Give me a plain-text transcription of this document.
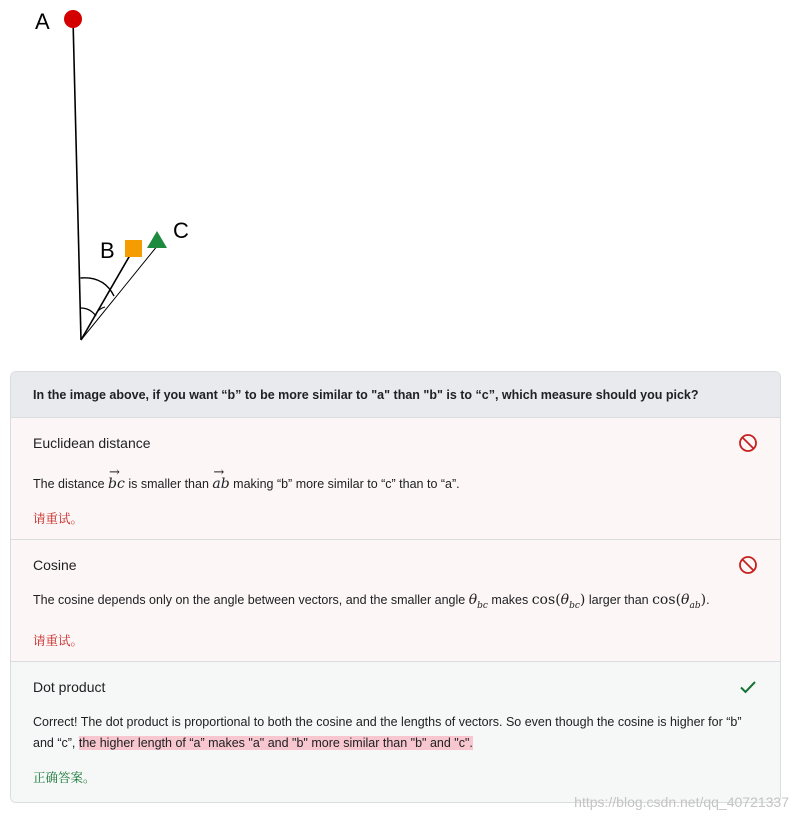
A
B
C
In the image above, if you want “b” to be more similar to "a" than "b" is to “c”, which measure should you pick?
Euclidean distance
The distance → bc is smaller than → ab making “b” more similar to “c” than to “a”.
请重试。
Cosine
The cosine depends only on the angle between vectors, and the smaller angle $\theta_{bc}$ makes $\cos(\theta_{bc})$ larger than $\cos(\theta_{ab})$.
请重试。
Dot product
Correct! The dot product is proportional to both the cosine and the lengths of vectors. So even though the cosine is higher for “b” and “c”, the higher length of “a” makes "a" and "b" more similar than "b" and "c".
正确答案。
https://blog.csdn.net/qq_40721337
